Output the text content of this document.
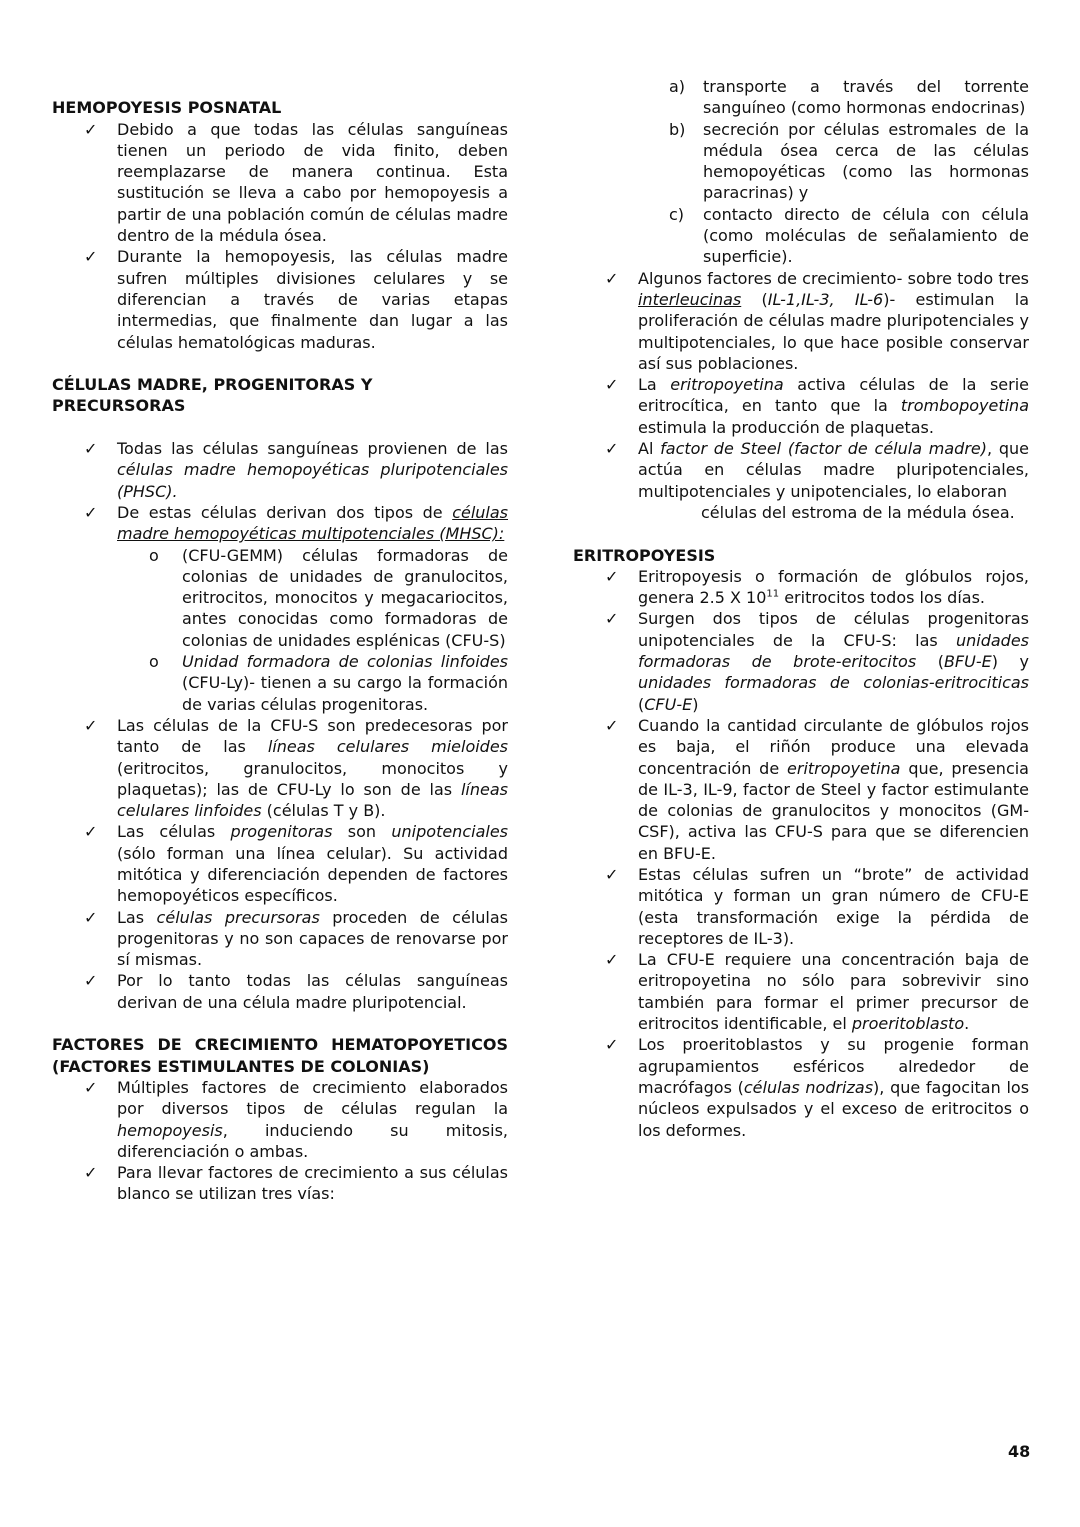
HEMOPOYESIS POSNATAL
✓	Debido a que todas las células sanguíneas tienen un periodo de vida finito, deben reemplazarse de manera continua. Esta sustitución se lleva a cabo por hemopoyesis a partir de una población común de células madre dentro de la médula ósea.
✓	Durante la hemopoyesis, las células madre sufren múltiples divisiones celulares y se diferencian a través de varias etapas intermedias, que finalmente dan lugar a las células hematológicas maduras.
CÉLULAS MADRE, PROGENITORAS Y PRECURSORAS
✓	Todas las células sanguíneas provienen de las células madre hemopoyéticas pluripotenciales (PHSC).
✓	De estas células derivan dos tipos de células madre hemopoyéticas multipotenciales (MHSC):
o (CFU-GEMM) células formadoras de colonias de unidades de granulocitos, eritrocitos, monocitos y megacariocitos, antes conocidas como formadoras de colonias de unidades esplénicas (CFU-S)
o Unidad formadora de colonias linfoides (CFU-Ly)- tienen a su cargo la formación de varias células progenitoras.
✓	Las células de la CFU-S son predecesoras por tanto de las líneas celulares mieloides (eritrocitos, granulocitos, monocitos y plaquetas); las de CFU-Ly lo son de las líneas celulares linfoides (células T y B).
✓	Las células progenitoras son unipotenciales (sólo forman una línea celular). Su actividad mitótica y diferenciación dependen de factores hemopoyéticos específicos.
✓	Las células precursoras proceden de células progenitoras y no son capaces de renovarse por sí mismas.
✓	Por lo tanto todas las células sanguíneas derivan de una célula madre pluripotencial.
FACTORES DE CRECIMIENTO HEMATOPOYETICOS (FACTORES ESTIMULANTES DE COLONIAS)
✓	Múltiples factores de crecimiento elaborados por diversos tipos de células regulan la hemopoyesis, induciendo su mitosis, diferenciación o ambas.
✓	Para llevar factores de crecimiento a sus células blanco se utilizan tres vías:
a) transporte a través del torrente sanguíneo (como hormonas endocrinas)
b) secreción por células estromales de la médula ósea cerca de las células hemopoyéticas (como las hormonas paracrinas) y
c) contacto directo de célula con célula (como moléculas de señalamiento de superficie).
✓	Algunos factores de crecimiento- sobre todo tres interleucinas (IL-1,IL-3, IL-6)- estimulan la proliferación de células madre pluripotenciales y multipotenciales, lo que hace posible conservar así sus poblaciones.
✓	La eritropoyetina activa células de la serie eritrocítica, en tanto que la trombopoyetina estimula la producción de plaquetas.
✓	Al factor de Steel (factor de célula madre), que actúa en células madre pluripotenciales, multipotenciales y unipotenciales, lo elaboran
células del estroma de la médula ósea.
ERITROPOYESIS
✓	Eritropoyesis o formación de glóbulos rojos, genera 2.5 X $10^{11}$ eritrocitos todos los días.
✓	Surgen dos tipos de células progenitoras unipotenciales de la CFU-S: las unidades formadoras de brote-eritocitos (BFU-E) y unidades formadoras de colonias-eritrociticas (CFU-E)
✓	Cuando la cantidad circulante de glóbulos rojos es baja, el riñón produce una elevada concentración de eritropoyetina que, presencia de IL-3, IL-9, factor de Steel y factor estimulante de colonias de granulocitos y monocitos (GM-CSF), activa las CFU-S para que se diferencien en BFU-E.
✓	Estas células sufren un “brote” de actividad mitótica y forman un gran número de CFU-E (esta transformación exige la pérdida de receptores de IL-3).
✓	La CFU-E requiere una concentración baja de eritropoyetina no sólo para sobrevivir sino también para formar el primer precursor de eritrocitos identificable, el proeritoblasto.
✓	Los proeritoblastos y su progenie forman agrupamientos esféricos alrededor de macrófagos (células nodrizas), que fagocitan los núcleos expulsados y el exceso de eritrocitos o los deformes.
48
